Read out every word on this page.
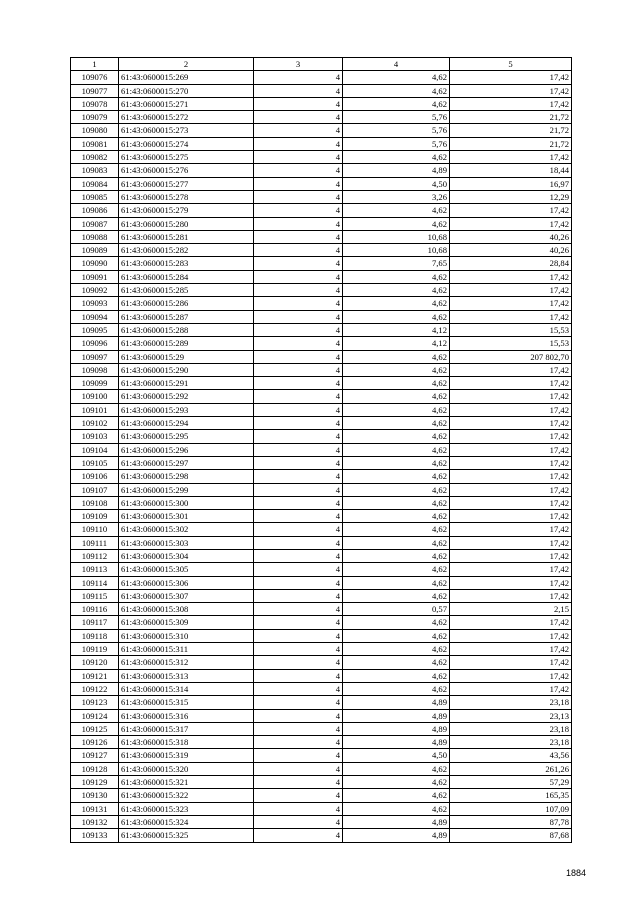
1	2	3	4	5
109076	61:43:0600015:269	4	4,62	17,42
109077	61:43:0600015:270	4	4,62	17,42
109078	61:43:0600015:271	4	4,62	17,42
109079	61:43:0600015:272	4	5,76	21,72
109080	61:43:0600015:273	4	5,76	21,72
109081	61:43:0600015:274	4	5,76	21,72
109082	61:43:0600015:275	4	4,62	17,42
109083	61:43:0600015:276	4	4,89	18,44
109084	61:43:0600015:277	4	4,50	16,97
109085	61:43:0600015:278	4	3,26	12,29
109086	61:43:0600015:279	4	4,62	17,42
109087	61:43:0600015:280	4	4,62	17,42
109088	61:43:0600015:281	4	10,68	40,26
109089	61:43:0600015:282	4	10,68	40,26
109090	61:43:0600015:283	4	7,65	28,84
109091	61:43:0600015:284	4	4,62	17,42
109092	61:43:0600015:285	4	4,62	17,42
109093	61:43:0600015:286	4	4,62	17,42
109094	61:43:0600015:287	4	4,62	17,42
109095	61:43:0600015:288	4	4,12	15,53
109096	61:43:0600015:289	4	4,12	15,53
109097	61:43:0600015:29	4	4,62	207 802,70
109098	61:43:0600015:290	4	4,62	17,42
109099	61:43:0600015:291	4	4,62	17,42
109100	61:43:0600015:292	4	4,62	17,42
109101	61:43:0600015:293	4	4,62	17,42
109102	61:43:0600015:294	4	4,62	17,42
109103	61:43:0600015:295	4	4,62	17,42
109104	61:43:0600015:296	4	4,62	17,42
109105	61:43:0600015:297	4	4,62	17,42
109106	61:43:0600015:298	4	4,62	17,42
109107	61:43:0600015:299	4	4,62	17,42
109108	61:43:0600015:300	4	4,62	17,42
109109	61:43:0600015:301	4	4,62	17,42
109110	61:43:0600015:302	4	4,62	17,42
109111	61:43:0600015:303	4	4,62	17,42
109112	61:43:0600015:304	4	4,62	17,42
109113	61:43:0600015:305	4	4,62	17,42
109114	61:43:0600015:306	4	4,62	17,42
109115	61:43:0600015:307	4	4,62	17,42
109116	61:43:0600015:308	4	0,57	2,15
109117	61:43:0600015:309	4	4,62	17,42
109118	61:43:0600015:310	4	4,62	17,42
109119	61:43:0600015:311	4	4,62	17,42
109120	61:43:0600015:312	4	4,62	17,42
109121	61:43:0600015:313	4	4,62	17,42
109122	61:43:0600015:314	4	4,62	17,42
109123	61:43:0600015:315	4	4,89	23,18
109124	61:43:0600015:316	4	4,89	23,13
109125	61:43:0600015:317	4	4,89	23,18
109126	61:43:0600015:318	4	4,89	23,18
109127	61:43:0600015:319	4	4,50	43,56
109128	61:43:0600015:320	4	4,62	261,26
109129	61:43:0600015:321	4	4,62	57,29
109130	61:43:0600015:322	4	4,62	165,35
109131	61:43:0600015:323	4	4,62	107,09
109132	61:43:0600015:324	4	4,89	87,78
109133	61:43:0600015:325	4	4,89	87,68
1884
